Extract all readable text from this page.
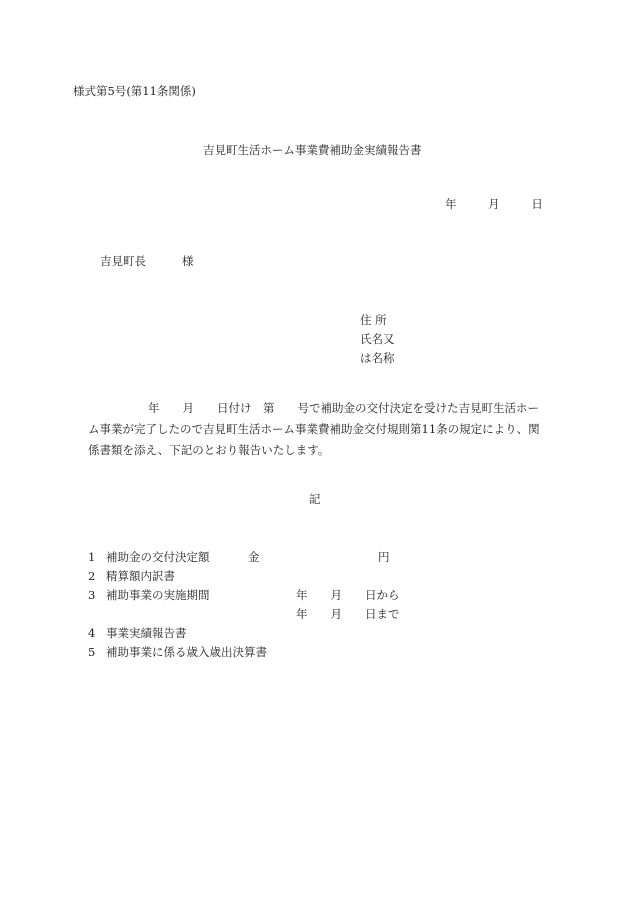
様式第5号(第11条関係)
吉見町生活ホーム事業費補助金実績報告書
年	月	日
吉見町長	様
住 所
氏名又
は名称
年　　月　　日付け　第　　号で補助金の交付決定を受けた吉見町生活ホー
ム事業が完了したので吉見町生活ホーム事業費補助金交付規則第11条の規定により、関
係書類を添え、下記のとおり報告いたします。
記
1 補助金の交付決定額	金	円
2 精算額内訳書
3 補助事業の実施期間	年　　月　　日から
年　　月　　日まで
4 事業実績報告書
5 補助事業に係る歳入歳出決算書
